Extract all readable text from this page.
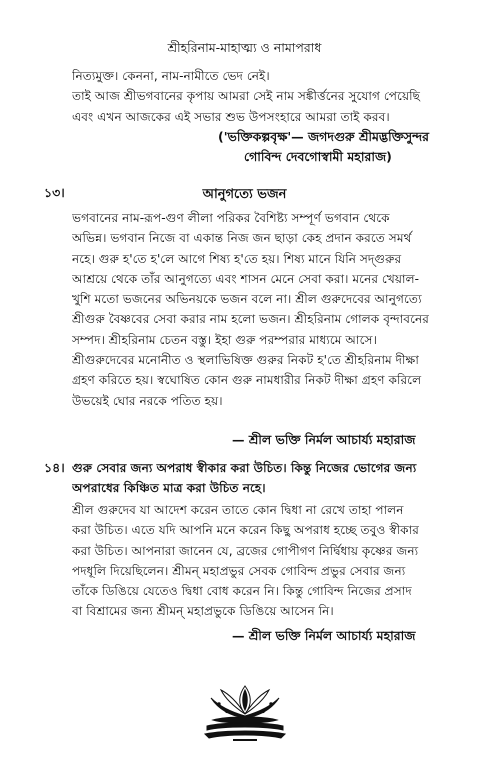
শ্রীহরিনাম-মাহাত্ম্য ও নামাপরাধ
নিত্যমুক্ত। কেননা, নাম-নামীতে ভেদ নেই।
তাই আজ শ্রীভগবানের কৃপায় আমরা সেই নাম সঙ্কীর্ত্তনের সুযোগ পেয়েছি
এবং এখন আজকের এই সভার শুভ উপসংহারে আমরা তাই করব।
('ভক্তিকল্পবৃক্ষ'— জগদগুরু শ্রীমদ্ভক্তিসুন্দর
গোবিন্দ দেবগোস্বামী মহারাজ)
১৩।	আনুগত্যে ভজন
ভগবানের নাম-রূপ-গুণ লীলা পরিকর বৈশিষ্ট্য সম্পূর্ণ ভগবান থেকে
অভিন্ন। ভগবান নিজে বা একান্ত নিজ জন ছাড়া কেহ প্রদান করতে সমর্থ
নহে। গুরু হ'তে হ'লে আগে শিষ্য হ'তে হয়। শিষ্য মানে যিনি সদ্গুরুর
আশ্রয়ে থেকে তাঁর আনুগত্যে এবং শাসন মেনে সেবা করা। মনের খেয়াল-
খুশি মতো ভজনের অভিনয়কে ভজন বলে না। শ্রীল গুরুদেবের আনুগত্যে
শ্রীগুরু বৈষ্ণবের সেবা করার নাম হলো ভজন। শ্রীহরিনাম গোলক বৃন্দাবনের
সম্পদ। শ্রীহরিনাম চেতন বস্তু। ইহা গুরু পরম্পরার মাধ্যমে আসে।
শ্রীগুরুদেবের মনোনীত ও স্থলাভিষিক্ত গুরুর নিকট হ'তে শ্রীহরিনাম দীক্ষা
গ্রহণ করিতে হয়। স্বঘোষিত কোন গুরু নামধারীর নিকট দীক্ষা গ্রহণ করিলে
উভয়েই ঘোর নরকে পতিত হয়।
— শ্রীল ভক্তি নির্মল আচার্য্য মহারাজ
১৪। গুরু সেবার জন্য অপরাধ স্বীকার করা উচিত। কিন্তু নিজের ভোগের জন্য
অপরাধের কিঞ্চিত মাত্র করা উচিত নহে।
শ্রীল গুরুদেব যা আদেশ করেন তাতে কোন দ্বিধা না রেখে তাহা পালন
করা উচিত। এতে যদি আপনি মনে করেন কিছু অপরাধ হচ্ছে তবুও স্বীকার
করা উচিত। আপনারা জানেন যে, ব্রজের গোপীগণ নির্দ্বিধায় কৃষ্ণের জন্য
পদধূলি দিয়েছিলেন। শ্রীমন্ মহাপ্রভুর সেবক গোবিন্দ প্রভুর সেবার জন্য
তাঁকে ডিঙিয়ে যেতেও দ্বিধা বোধ করেন নি। কিন্তু গোবিন্দ নিজের প্রসাদ
বা বিশ্রামের জন্য শ্রীমন্ মহাপ্রভুকে ডিঙিয়ে আসেন নি।
— শ্রীল ভক্তি নির্মল আচার্য্য মহারাজ
